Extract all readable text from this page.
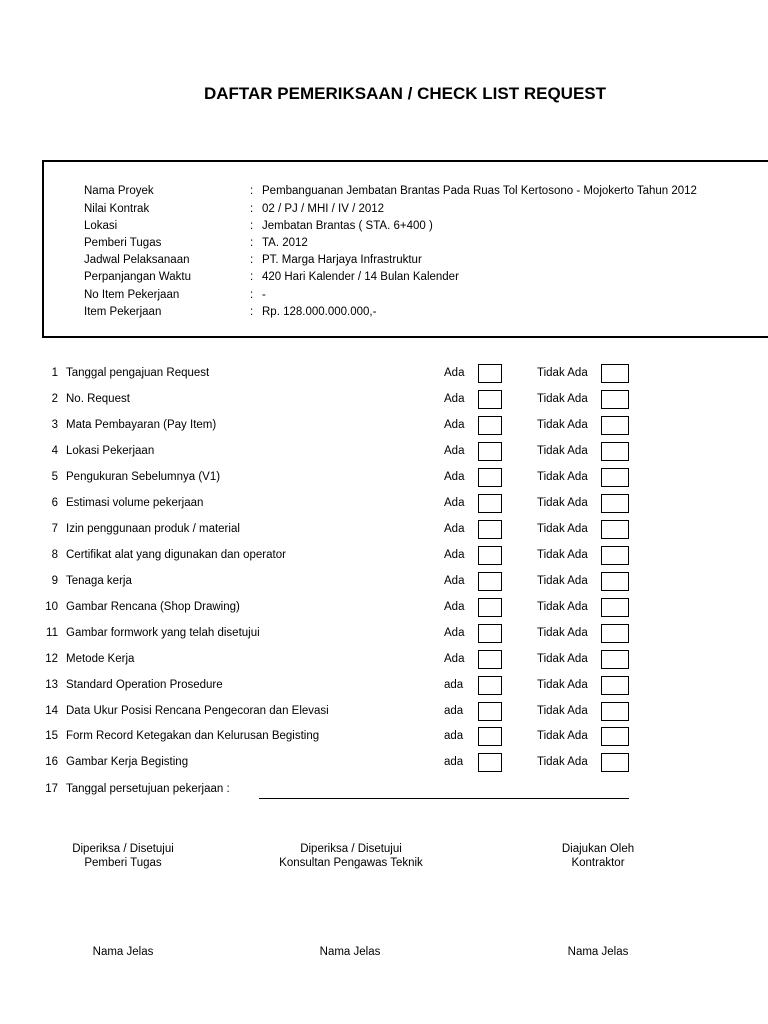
DAFTAR PEMERIKSAAN / CHECK LIST REQUEST
Nama Proyek	: Pembanguanan Jembatan Brantas Pada Ruas Tol Kertosono - Mojokerto Tahun 2012
Nilai Kontrak	: 02 / PJ / MHI / IV / 2012
Lokasi	: Jembatan Brantas ( STA. 6+400 )
Pemberi Tugas	: TA. 2012
Jadwal Pelaksanaan	: PT. Marga Harjaya Infrastruktur
Perpanjangan Waktu	: 420 Hari Kalender / 14 Bulan Kalender
No Item Pekerjaan	: -
Item Pekerjaan	: Rp. 128.000.000.000,-
1 Tanggal pengajuan Request	Ada	Tidak Ada
2 No. Request	Ada	Tidak Ada
3 Mata Pembayaran (Pay Item)	Ada	Tidak Ada
4 Lokasi Pekerjaan	Ada	Tidak Ada
5 Pengukuran Sebelumnya (V1)	Ada	Tidak Ada
6 Estimasi volume pekerjaan	Ada	Tidak Ada
7 Izin penggunaan produk / material	Ada	Tidak Ada
8 Certifikat alat yang digunakan dan operator	Ada	Tidak Ada
9 Tenaga kerja	Ada	Tidak Ada
10 Gambar Rencana (Shop Drawing)	Ada	Tidak Ada
11 Gambar formwork yang telah disetujui	Ada	Tidak Ada
12 Metode Kerja	Ada	Tidak Ada
13 Standard Operation Prosedure	ada	Tidak Ada
14 Data Ukur Posisi Rencana Pengecoran dan Elevasi	ada	Tidak Ada
15 Form Record Ketegakan dan Kelurusan Begisting	ada	Tidak Ada
16 Gambar Kerja Begisting	ada	Tidak Ada
17 Tanggal persetujuan pekerjaan :
Diperiksa / Disetujui
Pemberi Tugas
Diperiksa / Disetujui
Konsultan Pengawas Teknik
Diajukan Oleh
Kontraktor
Nama Jelas	Nama Jelas	Nama Jelas
